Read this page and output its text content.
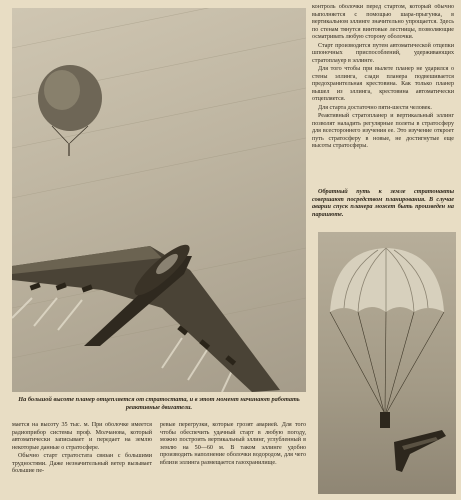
контроль оболочки перед стартом, который обычно выполняется с помощью шара-прыгунка, в вертикальном эллинге значительно упрощается. Здесь по стенам тянутся винтовые лестницы, позволяющие осматривать любую сторону оболочки.

Старт производится путем автоматической отцепки шпоночных приспособлений, удерживающих стратоплаyер в эллинге.

Для того чтобы при вылете планер не ударился о стены эллинга, сзади планера подвешивается предохранительная крестовина. Как только планер вышел из эллинга, крестовина автоматически отцепляется.

Для старта достаточно пяти-шести человек.

Реактивный стратопланер и вертикальный эллинг позволят наладить регулярные полеты в стратосферу для всестороннего изучения ее. Это изучение откроет путь стратосферу в новые, не достигнутые еще высоты стратосферы.

Обратный путь к земле стратонавты совершают посредством планирования. В случае аварии спуск планера может быть произведен на парашюте.

На большой высоте планер отцепляется от стратостата, и в этот момент начинают работать реактивные двигатели.

мается на высоту 35 тыс. м. При оболочке имеется радиоприбор системы проф. Молчанова, который автоматически записывает и передает на землю некоторые данные о стратосфере.

Обычно старт стратостата связан с большими трудностями. Даже незначительный ветер вызывает большие пе-

ревые перегрузки, которые грозят аварией. Для того чтобы обеспечить удачный старт в любую погоду, можно построить вертикальный эллинг, углубленный в землю на 50—60 м. В таком эллинге удобно производить наполнение оболочки водородом, для чего вблизи эллинга размещается газохранилище.
